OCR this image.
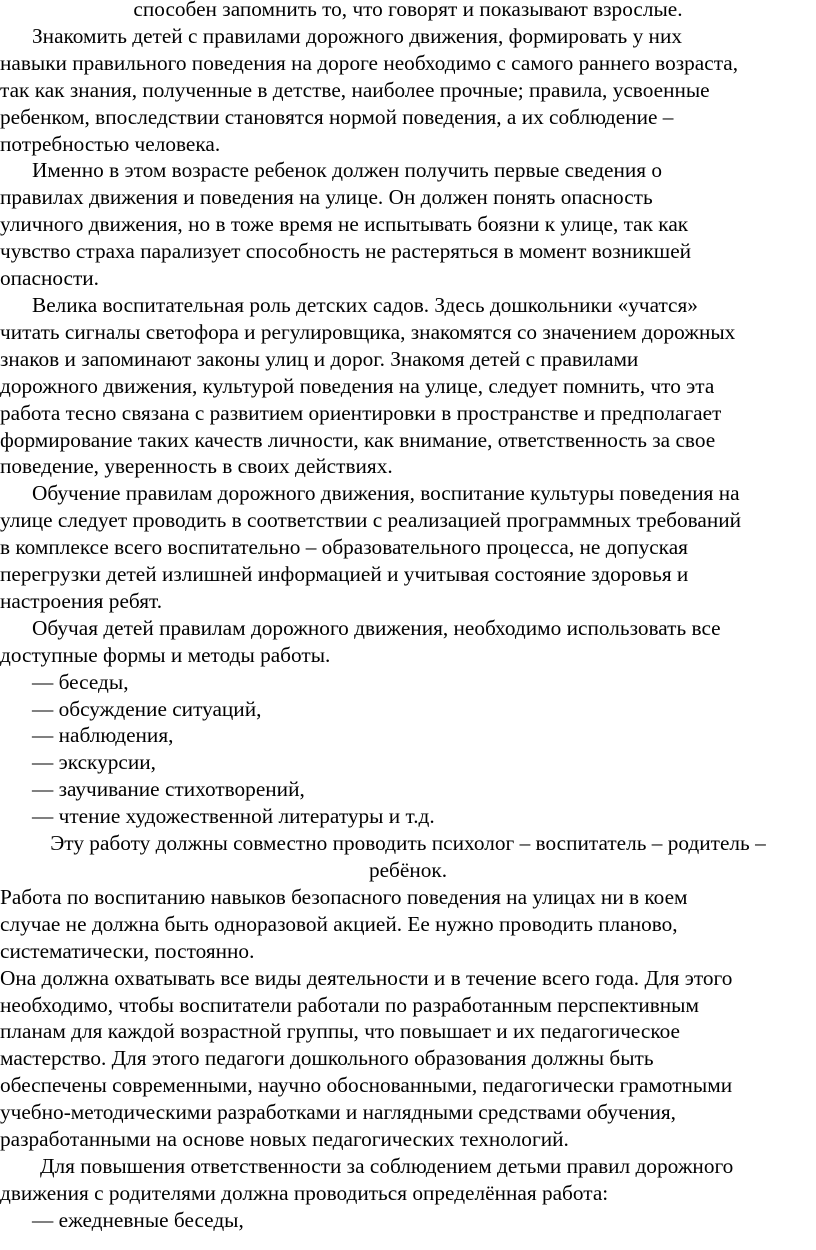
способен запомнить то, что говорят и показывают взрослые.

Знакомить детей с правилами дорожного движения, формировать у них
навыки правильного поведения на дороге необходимо с самого раннего возраста,
так как знания, полученные в детстве, наиболее прочные; правила, усвоенные
ребенком, впоследствии становятся нормой поведения, а их соблюдение –
потребностью человека.

Именно в этом возрасте ребенок должен получить первые сведения о
правилах движения и поведения на улице. Он должен понять опасность
уличного движения, но в тоже время не испытывать боязни к улице, так как
чувство страха парализует способность не растеряться в момент возникшей
опасности.

Велика воспитательная роль детских садов. Здесь дошкольники «учатся»
читать сигналы светофора и регулировщика, знакомятся со значением дорожных
знаков и запоминают законы улиц и дорог. Знакомя детей с правилами
дорожного движения, культурой поведения на улице, следует помнить, что эта
работа тесно связана с развитием ориентировки в пространстве и предполагает
формирование таких качеств личности, как внимание, ответственность за свое
поведение, уверенность в своих действиях.

Обучение правилам дорожного движения, воспитание культуры поведения на
улице следует проводить в соответствии с реализацией программных требований
в комплексе всего воспитательно – образовательного процесса, не допуская
перегрузки детей излишней информацией и учитывая состояние здоровья и
настроения ребят.

Обучая детей правилам дорожного движения, необходимо использовать все
доступные формы и методы работы.

— беседы,
— обсуждение ситуаций,
— наблюдения,
— экскурсии,
— заучивание стихотворений,
— чтение художественной литературы и т.д.

Эту работу должны совместно проводить психолог – воспитатель – родитель –
ребёнок.

Работа по воспитанию навыков безопасного поведения на улицах ни в коем
случае не должна быть одноразовой акцией. Ее нужно проводить планово,
систематически, постоянно.

Она должна охватывать все виды деятельности и в течение всего года. Для этого
необходимо, чтобы воспитатели работали по разработанным перспективным
планам для каждой возрастной группы, что повышает и их педагогическое
мастерство. Для этого педагоги дошкольного образования должны быть
обеспечены современными, научно обоснованными, педагогически грамотными
учебно-методическими разработками и наглядными средствами обучения,
разработанными на основе новых педагогических технологий.

Для повышения ответственности за соблюдением детьми правил дорожного
движения с родителями должна проводиться определённая работа:

— ежедневные беседы,
